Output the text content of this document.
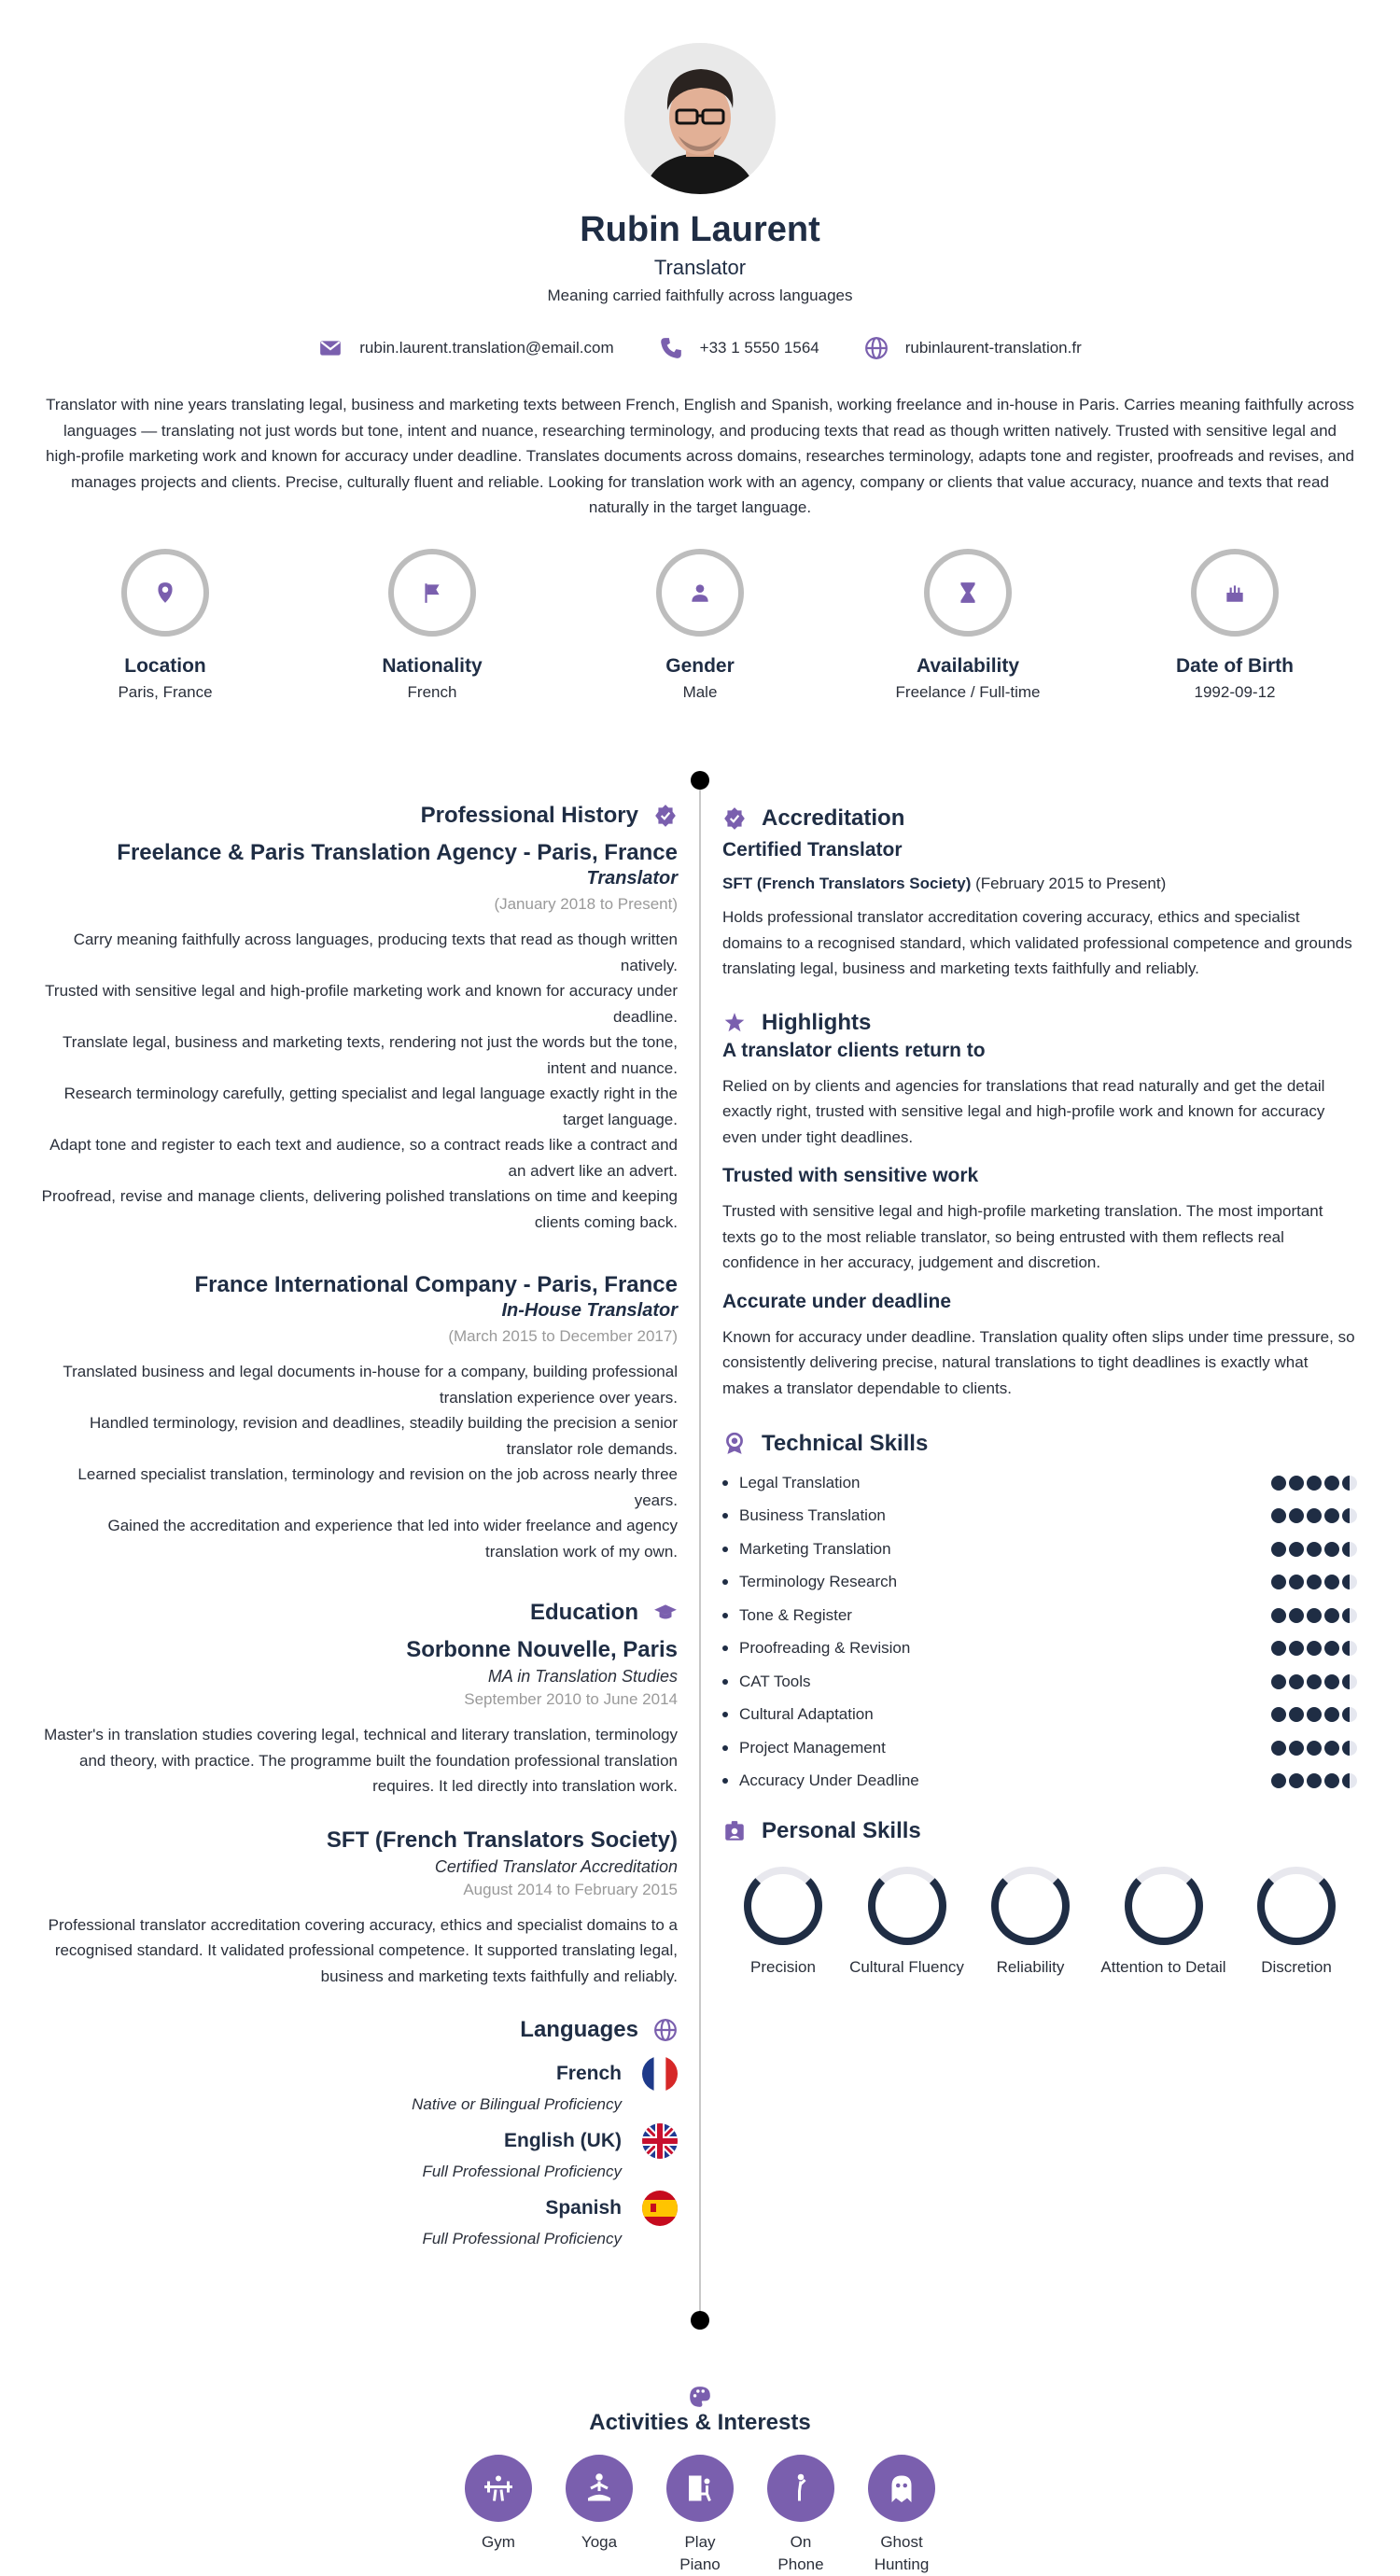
Rubin Laurent
Translator
Meaning carried faithfully across languages
rubin.laurent.translation@email.com	+33 1 5550 1564	rubinlaurent-translation.fr
Translator with nine years translating legal, business and marketing texts between French, English and Spanish, working freelance and in-house in Paris. Carries meaning faithfully across languages — translating not just words but tone, intent and nuance, researching terminology, and producing texts that read as though written natively. Trusted with sensitive legal and high-profile marketing work and known for accuracy under deadline. Translates documents across domains, researches terminology, adapts tone and register, proofreads and revises, and manages projects and clients. Precise, culturally fluent and reliable. Looking for translation work with an agency, company or clients that value accuracy, nuance and texts that read naturally in the target language.
Location
Paris, France
Nationality
French
Gender
Male
Availability
Freelance / Full-time
Date of Birth
1992-09-12
Professional History
Freelance & Paris Translation Agency - Paris, France
Translator
(January 2018 to Present)
Carry meaning faithfully across languages, producing texts that read as though written natively.
Trusted with sensitive legal and high-profile marketing work and known for accuracy under deadline.
Translate legal, business and marketing texts, rendering not just the words but the tone, intent and nuance.
Research terminology carefully, getting specialist and legal language exactly right in the target language.
Adapt tone and register to each text and audience, so a contract reads like a contract and an advert like an advert.
Proofread, revise and manage clients, delivering polished translations on time and keeping clients coming back.
France International Company - Paris, France
In-House Translator
(March 2015 to December 2017)
Translated business and legal documents in-house for a company, building professional translation experience over years.
Handled terminology, revision and deadlines, steadily building the precision a senior translator role demands.
Learned specialist translation, terminology and revision on the job across nearly three years.
Gained the accreditation and experience that led into wider freelance and agency translation work of my own.
Education
Sorbonne Nouvelle, Paris
MA in Translation Studies
September 2010 to June 2014
Master's in translation studies covering legal, technical and literary translation, terminology and theory, with practice. The programme built the foundation professional translation requires. It led directly into translation work.
SFT (French Translators Society)
Certified Translator Accreditation
August 2014 to February 2015
Professional translator accreditation covering accuracy, ethics and specialist domains to a recognised standard. It validated professional competence. It supported translating legal, business and marketing texts faithfully and reliably.
Languages
French
Native or Bilingual Proficiency
English (UK)
Full Professional Proficiency
Spanish
Full Professional Proficiency
Accreditation
Certified Translator
SFT (French Translators Society) (February 2015 to Present)
Holds professional translator accreditation covering accuracy, ethics and specialist domains to a recognised standard, which validated professional competence and grounds translating legal, business and marketing texts faithfully and reliably.
Highlights
A translator clients return to
Relied on by clients and agencies for translations that read naturally and get the detail exactly right, trusted with sensitive legal and high-profile work and known for accuracy even under tight deadlines.
Trusted with sensitive work
Trusted with sensitive legal and high-profile marketing translation. The most important texts go to the most reliable translator, so being entrusted with them reflects real confidence in her accuracy, judgement and discretion.
Accurate under deadline
Known for accuracy under deadline. Translation quality often slips under time pressure, so consistently delivering precise, natural translations to tight deadlines is exactly what makes a translator dependable to clients.
Technical Skills
Legal Translation
Business Translation
Marketing Translation
Terminology Research
Tone & Register
Proofreading & Revision
CAT Tools
Cultural Adaptation
Project Management
Accuracy Under Deadline
Personal Skills
Precision	Cultural Fluency	Reliability	Attention to Detail	Discretion
Activities & Interests
Gym	Yoga	Play Piano
On Phone
Ghost Hunting
